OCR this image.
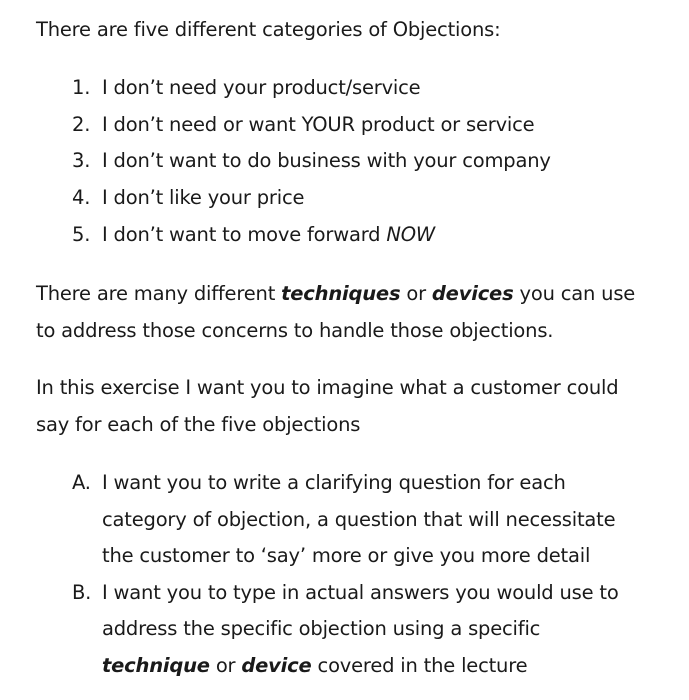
There are five different categories of Objections:

1. I don’t need your product/service
2. I don’t need or want YOUR product or service
3. I don’t want to do business with your company
4. I don’t like your price
5. I don’t want to move forward NOW

There are many different techniques or devices you can use to address those concerns to handle those objections.

In this exercise I want you to imagine what a customer could say for each of the five objections

A. I want you to write a clarifying question for each category of objection, a question that will necessitate the customer to ‘say’ more or give you more detail
B. I want you to type in actual answers you would use to address the specific objection using a specific technique or device covered in the lecture
